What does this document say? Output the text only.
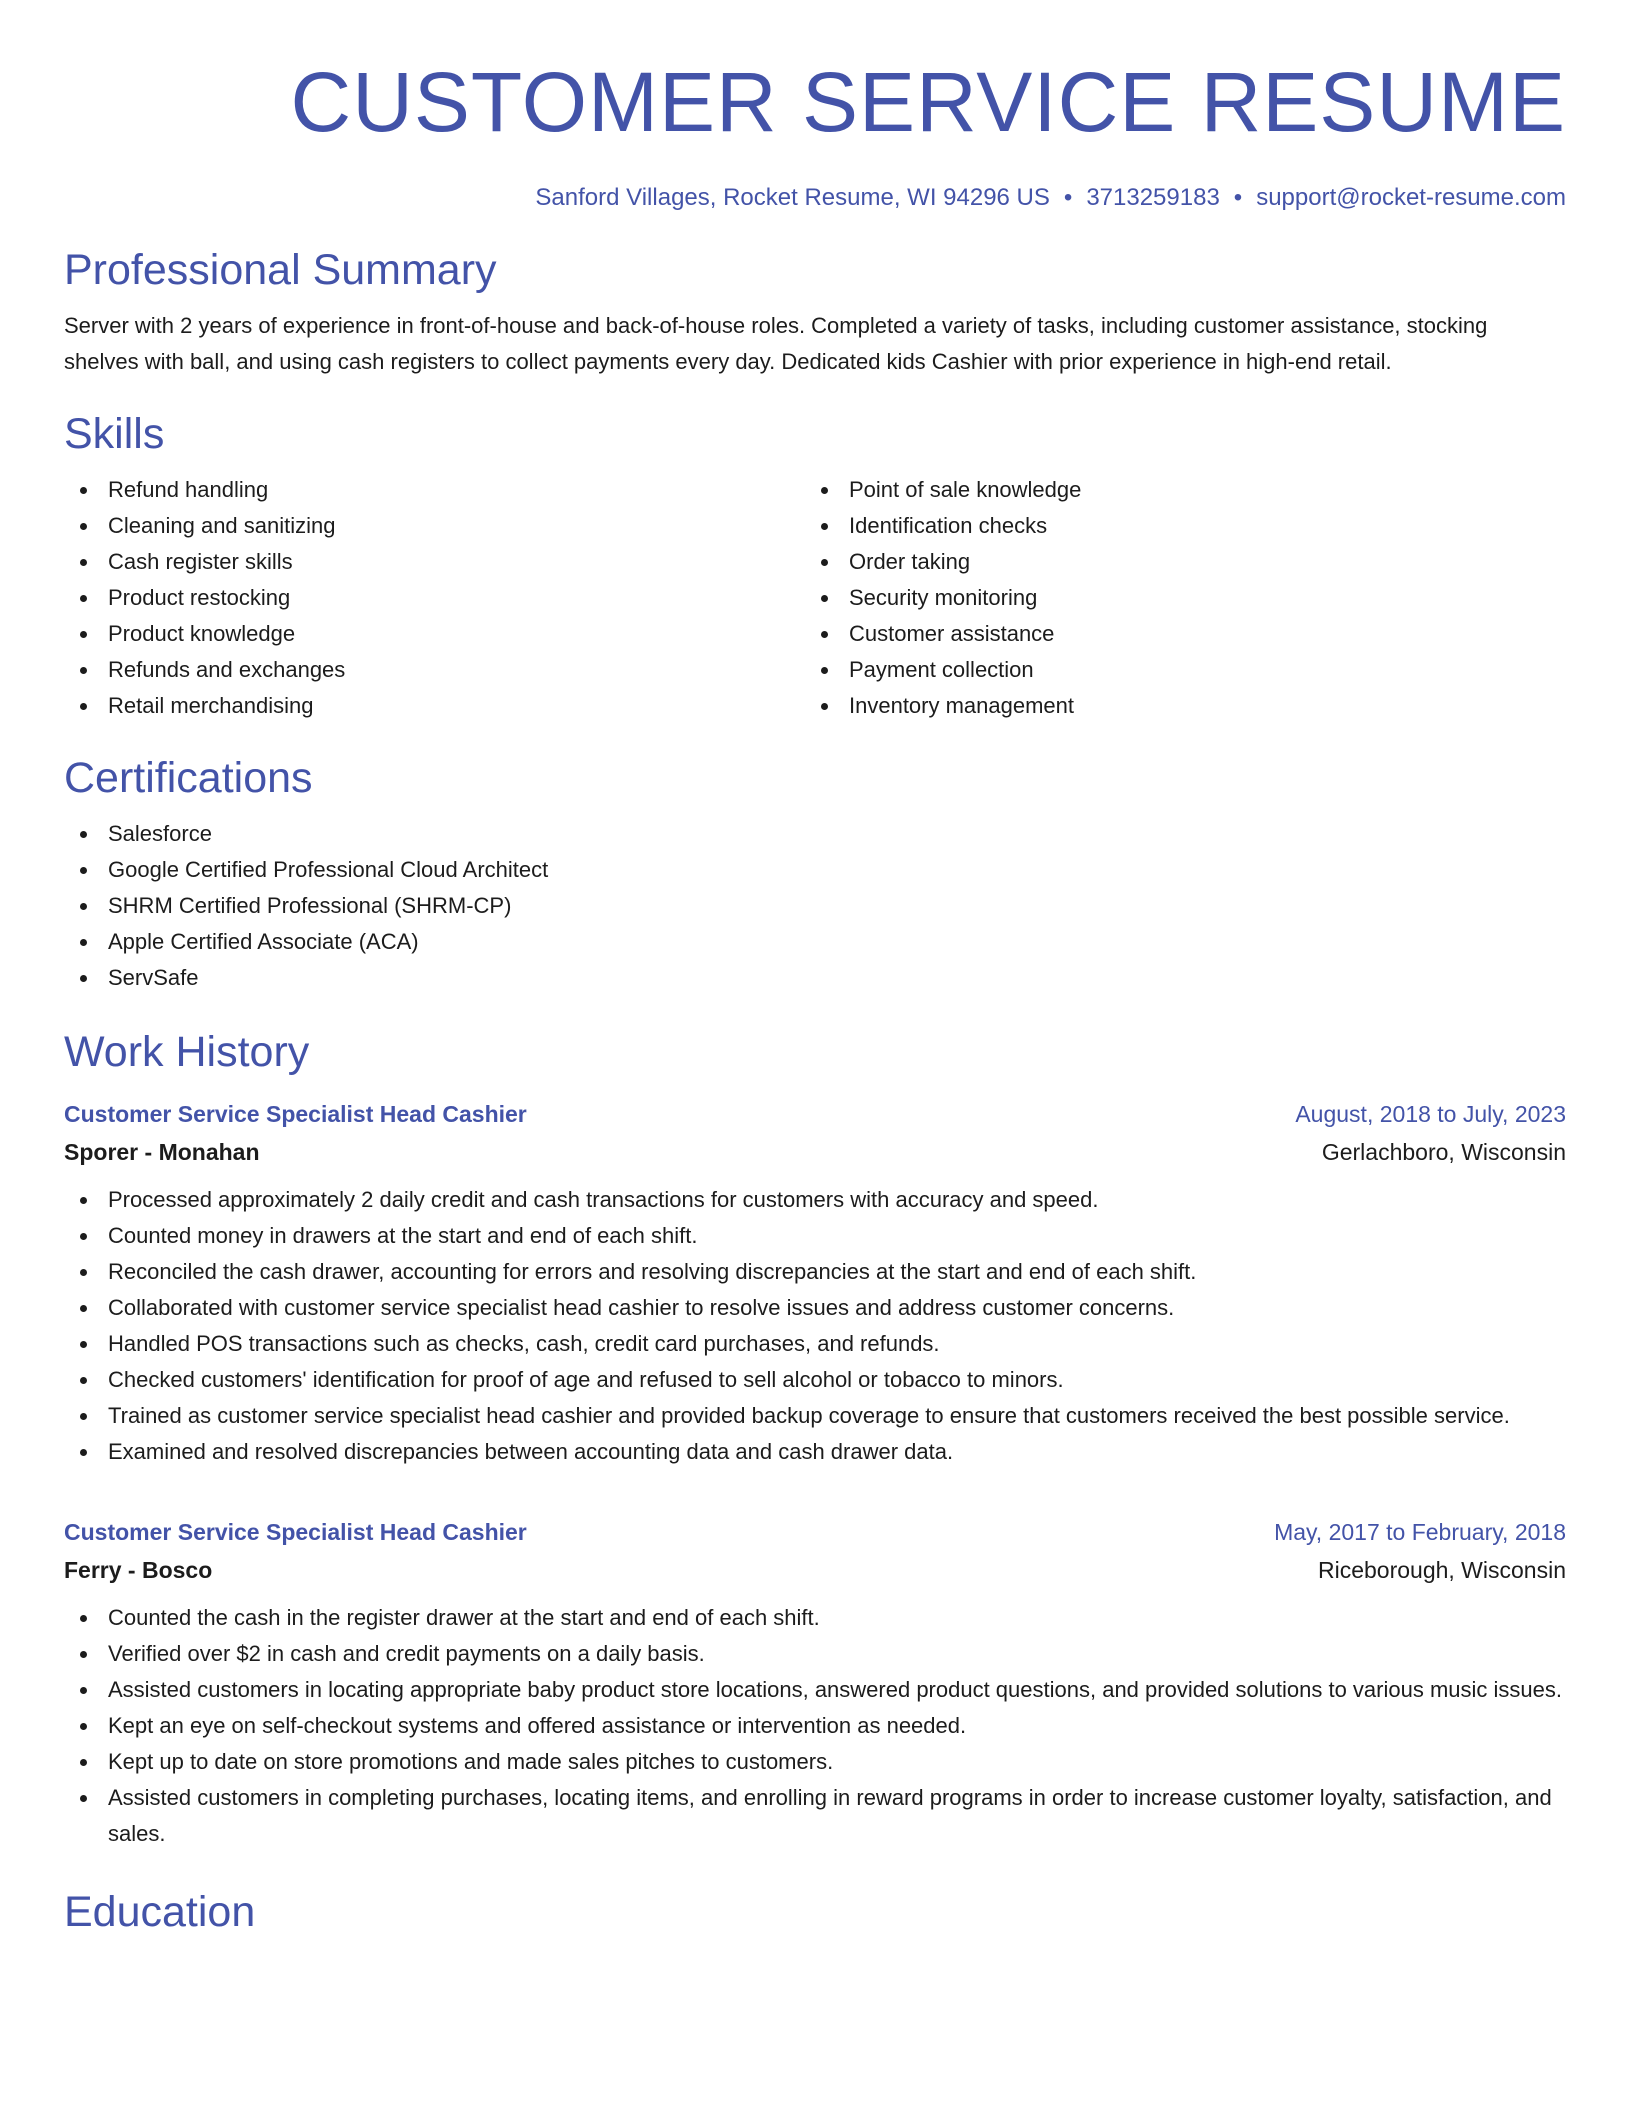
CUSTOMER SERVICE RESUME
Sanford Villages, Rocket Resume, WI 94296 US • 3713259183 • support@rocket-resume.com
Professional Summary

Server with 2 years of experience in front-of-house and back-of-house roles. Completed a variety of tasks, including customer assistance, stocking shelves with ball, and using cash registers to collect payments every day. Dedicated kids Cashier with prior experience in high-end retail.

Skills
Refund handling
Cleaning and sanitizing
Cash register skills
Product restocking
Product knowledge
Refunds and exchanges
Retail merchandising
Point of sale knowledge
Identification checks
Order taking
Security monitoring
Customer assistance
Payment collection
Inventory management
Certifications
Salesforce
Google Certified Professional Cloud Architect
SHRM Certified Professional (SHRM-CP)
Apple Certified Associate (ACA)
ServSafe
Work History
Customer Service Specialist Head Cashier	August, 2018 to July, 2023
Sporer - Monahan	Gerlachboro, Wisconsin
Processed approximately 2 daily credit and cash transactions for customers with accuracy and speed.
Counted money in drawers at the start and end of each shift.
Reconciled the cash drawer, accounting for errors and resolving discrepancies at the start and end of each shift.
Collaborated with customer service specialist head cashier to resolve issues and address customer concerns.
Handled POS transactions such as checks, cash, credit card purchases, and refunds.
Checked customers' identification for proof of age and refused to sell alcohol or tobacco to minors.
Trained as customer service specialist head cashier and provided backup coverage to ensure that customers received the best possible service.
Examined and resolved discrepancies between accounting data and cash drawer data.
Customer Service Specialist Head Cashier	May, 2017 to February, 2018
Ferry - Bosco	Riceborough, Wisconsin
Counted the cash in the register drawer at the start and end of each shift.
Verified over $2 in cash and credit payments on a daily basis.
Assisted customers in locating appropriate baby product store locations, answered product questions, and provided solutions to various music issues.
Kept an eye on self-checkout systems and offered assistance or intervention as needed.
Kept up to date on store promotions and made sales pitches to customers.
Assisted customers in completing purchases, locating items, and enrolling in reward programs in order to increase customer loyalty, satisfaction, and sales.
Education
